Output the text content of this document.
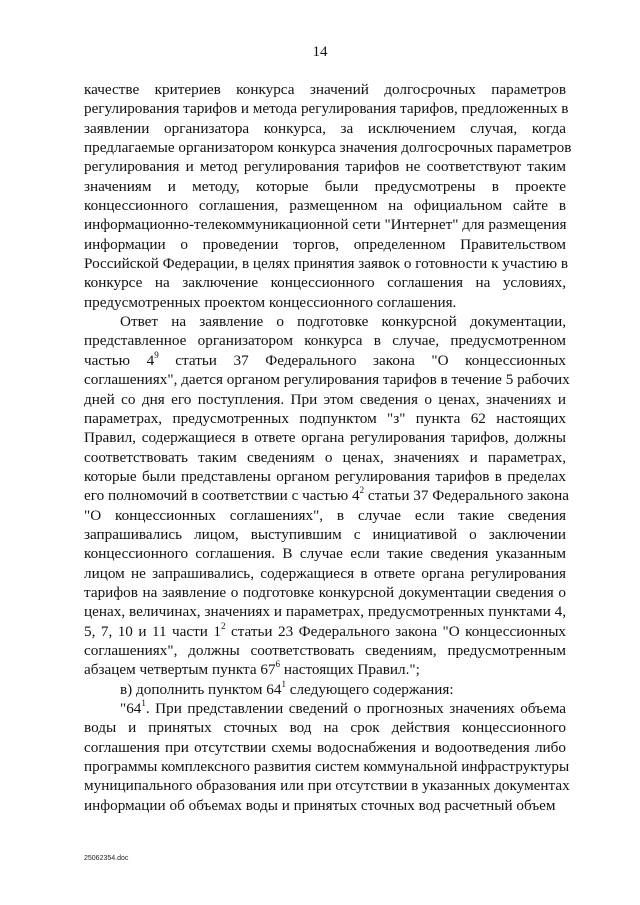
14
качестве критериев конкурса значений долгосрочных параметров
регулирования тарифов и метода регулирования тарифов, предложенных в
заявлении организатора конкурса, за исключением случая, когда
предлагаемые организатором конкурса значения долгосрочных параметров
регулирования и метод регулирования тарифов не соответствуют таким
значениям и методу, которые были предусмотрены в проекте
концессионного соглашения, размещенном на официальном сайте в
информационно-телекоммуникационной сети "Интернет" для размещения
информации о проведении торгов, определенном Правительством
Российской Федерации, в целях принятия заявок о готовности к участию в
конкурсе на заключение концессионного соглашения на условиях,
предусмотренных проектом концессионного соглашения.
Ответ на заявление о подготовке конкурсной документации,
представленное организатором конкурса в случае, предусмотренном
частью $4^9$ статьи 37 Федерального закона "О концессионных
соглашениях", дается органом регулирования тарифов в течение 5 рабочих
дней со дня его поступления. При этом сведения о ценах, значениях и
параметрах, предусмотренных подпунктом "з" пункта 62 настоящих
Правил, содержащиеся в ответе органа регулирования тарифов, должны
соответствовать таким сведениям о ценах, значениях и параметрах,
которые были представлены органом регулирования тарифов в пределах
его полномочий в соответствии с частью $4^2$ статьи 37 Федерального закона
"О концессионных соглашениях", в случае если такие сведения
запрашивались лицом, выступившим с инициативой о заключении
концессионного соглашения. В случае если такие сведения указанным
лицом не запрашивались, содержащиеся в ответе органа регулирования
тарифов на заявление о подготовке конкурсной документации сведения о
ценах, величинах, значениях и параметрах, предусмотренных пунктами 4,
5, 7, 10 и 11 части $1^2$ статьи 23 Федерального закона "О концессионных
соглашениях", должны соответствовать сведениям, предусмотренным
абзацем четвертым пункта $67^6$ настоящих Правил.";
в) дополнить пунктом $64^1$ следующего содержания:
"$64^1$. При представлении сведений о прогнозных значениях объема
воды и принятых сточных вод на срок действия концессионного
соглашения при отсутствии схемы водоснабжения и водоотведения либо
программы комплексного развития систем коммунальной инфраструктуры
муниципального образования или при отсутствии в указанных документах
информации об объемах воды и принятых сточных вод расчетный объем
25062354.doc
